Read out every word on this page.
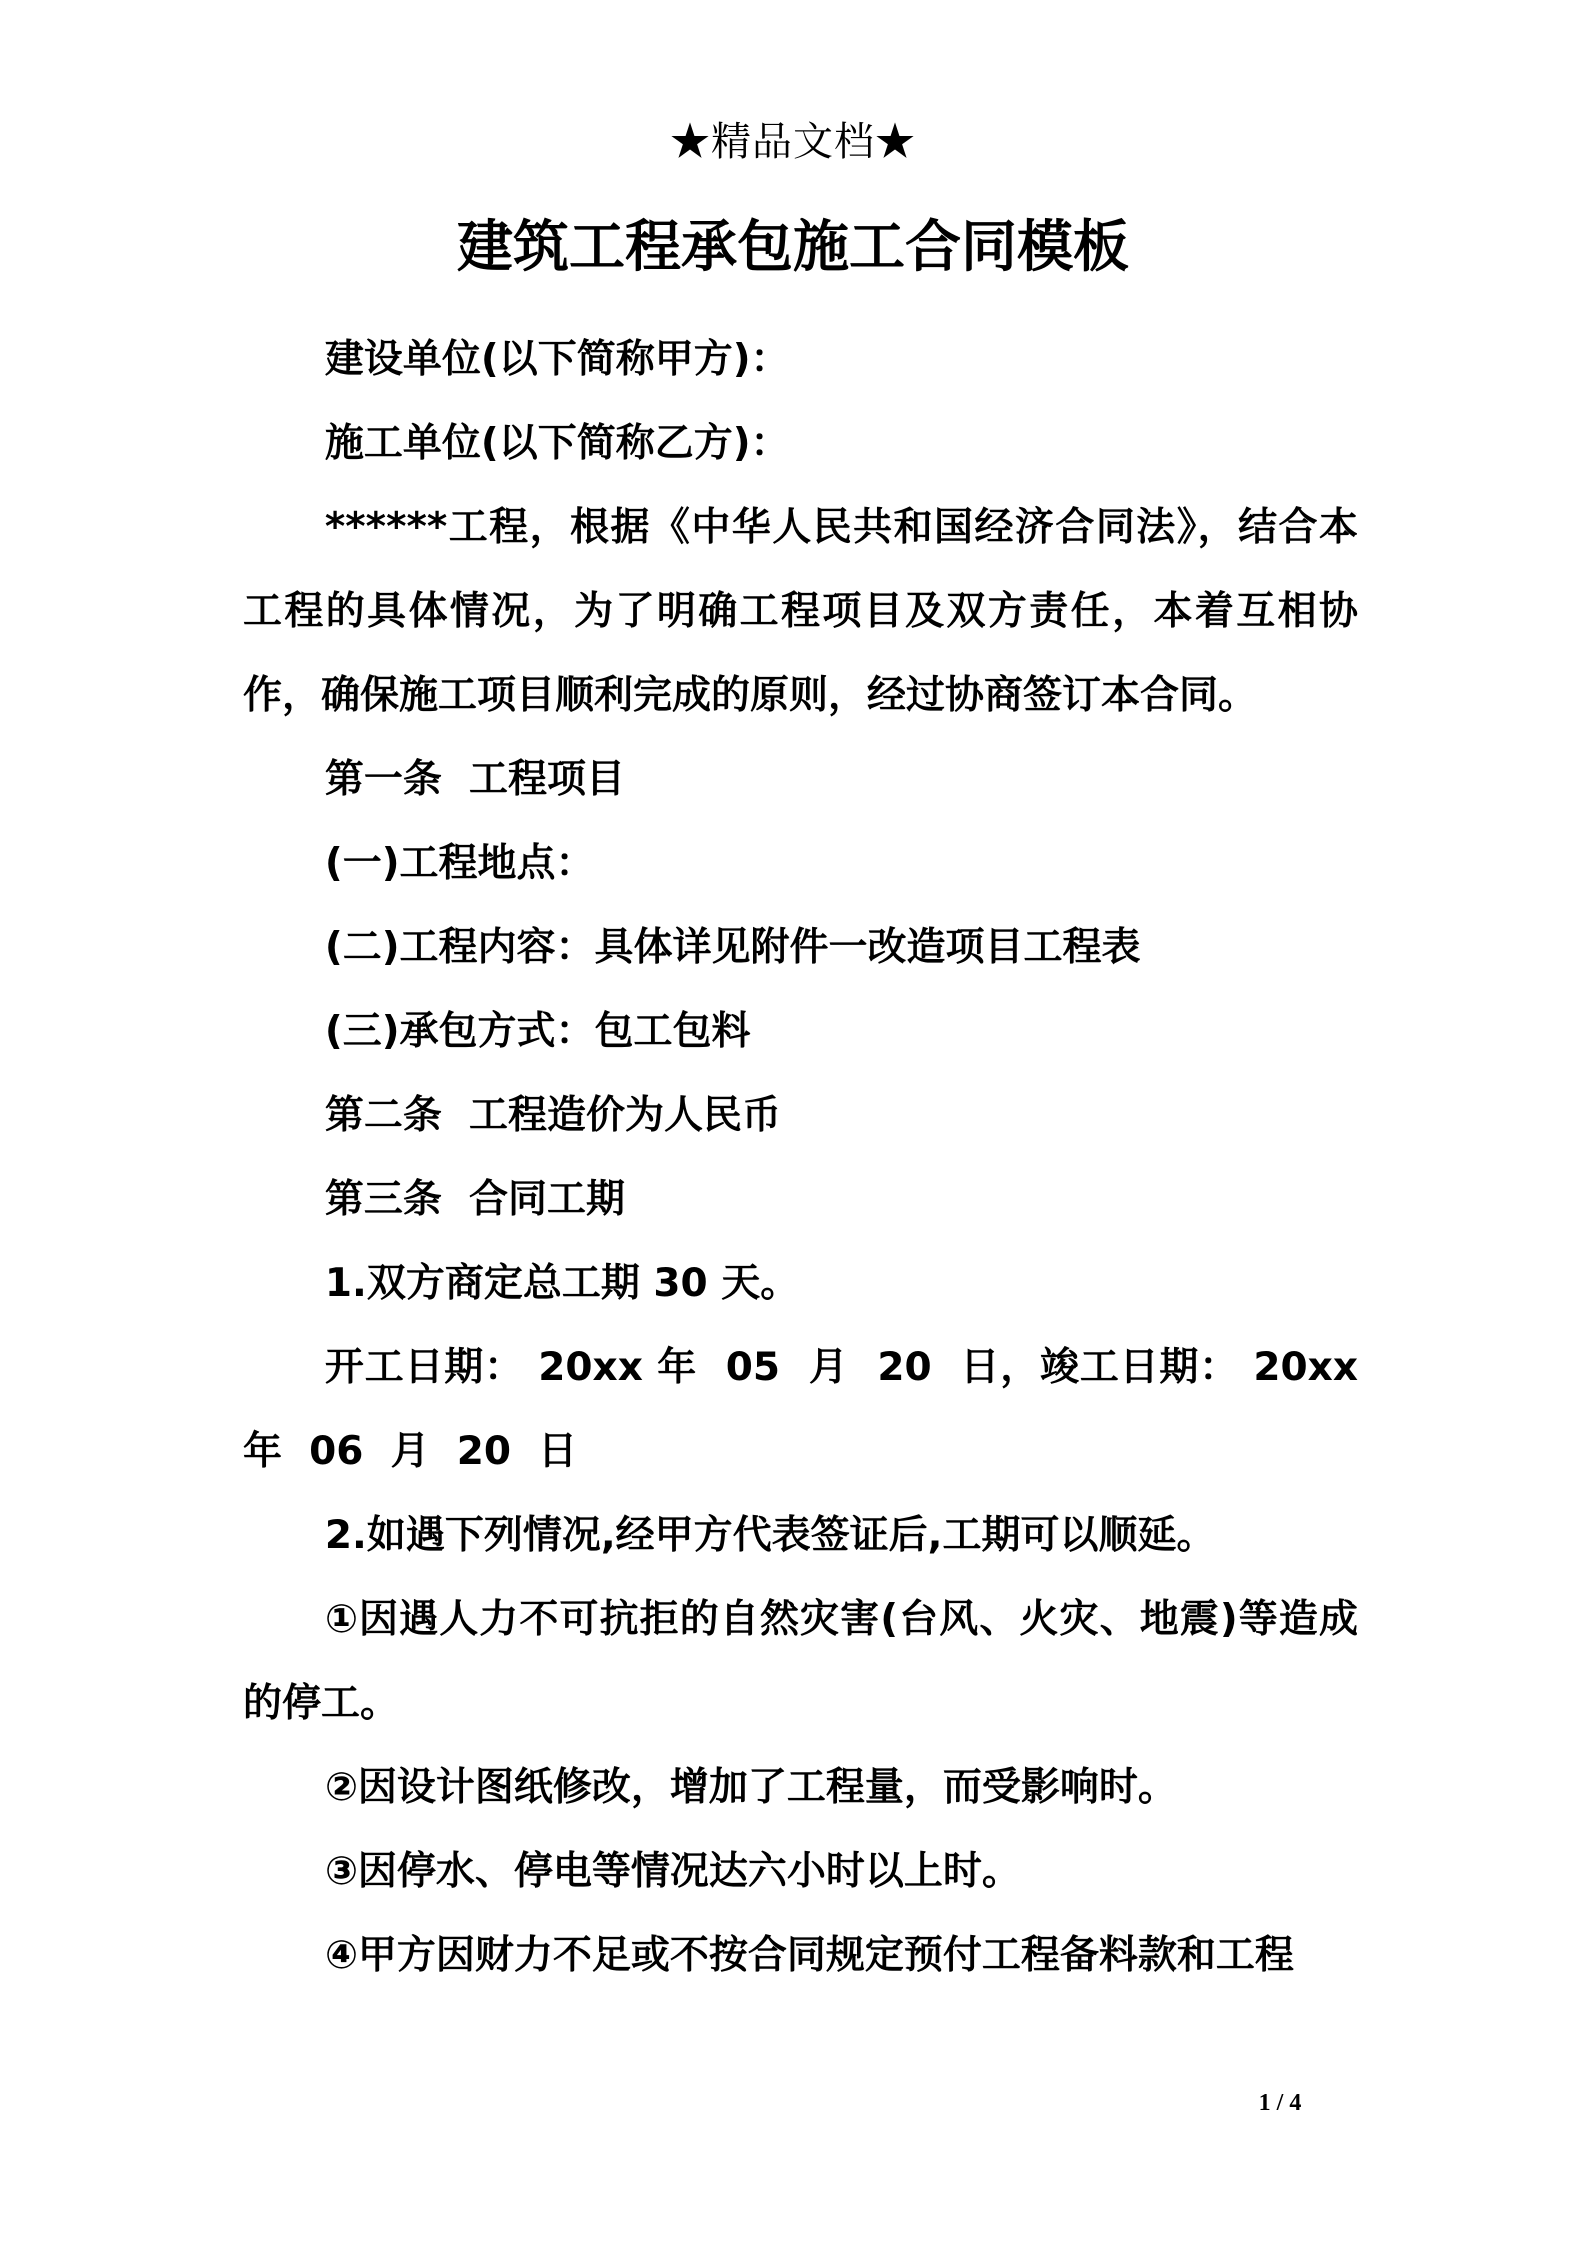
★精品文档★
建筑工程承包施工合同模板

建设单位(以下简称甲方)：

施工单位(以下简称乙方)：

******工程，根据《中华人民共和国经济合同法》，结合本工程的具体情况，为了明确工程项目及双方责任，本着互相协作，确保施工项目顺利完成的原则，经过协商签订本合同。

第一条  工程项目

(一)工程地点：

(二)工程内容：具体详见附件一改造项目工程表

(三)承包方式：包工包料

第二条  工程造价为人民币

第三条  合同工期

1.双方商定总工期 30 天。

开工日期： 20xx 年  05  月  20  日，竣工日期： 20xx  年  06  月  20  日

2.如遇下列情况,经甲方代表签证后,工期可以顺延。

①因遇人力不可抗拒的自然灾害(台风、火灾、地震)等造成的停工。

②因设计图纸修改，增加了工程量，而受影响时。

③因停水、停电等情况达六小时以上时。

④甲方因财力不足或不按合同规定预付工程备料款和工程

1 / 4
